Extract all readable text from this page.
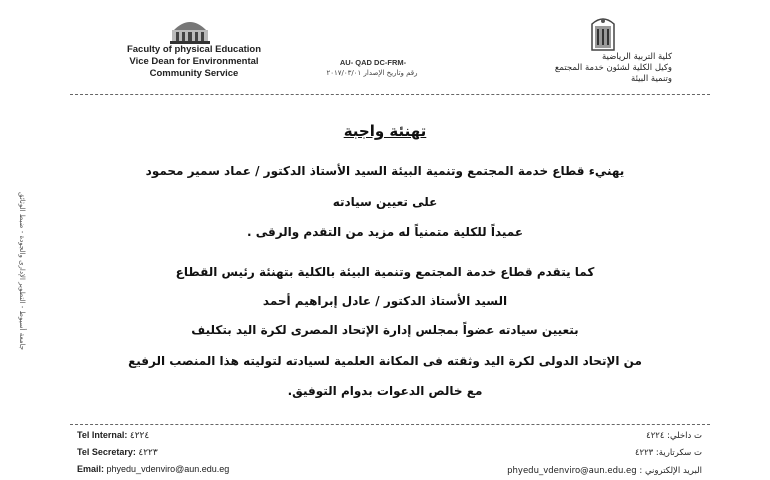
Faculty of physical Education
Vice Dean for Environmental
Community Service
AU- QAD DC-FRM-
رقم وتاريخ الإصدار ٢٠١٧/٠٣/٠١
كلية التربية الرياضية
وكيل الكلية لشئون خدمة المجتمع
وتنمية البيئة
تهنئة واجبة
يهنيء قطاع خدمة المجتمع وتنمية البيئة السيد الأستاذ الدكتور / عماد سمير محمود
على تعيين سيادته
عميداً للكلية متمنياً له مزيد من التقدم والرقى .
كما يتقدم قطاع خدمة المجتمع وتنمية البيئة بالكلية بتهنئة رئيس القطاع
السيد الأستاذ الدكتور / عادل إبراهيم أحمد
بتعيين سيادته عضواً بمجلس إدارة الإتحاد المصرى لكرة اليد بتكليف
من الإتحاد الدولى لكرة اليد وثقته فى المكانة العلمية لسيادته لتوليته هذا المنصب الرفيع
مع خالص الدعوات بدوام التوفيق.
جامعة أسيوط - التطوير الإدارى والجودة - ضبط الوثائق
Tel Internal: ٤٢٢٤
Tel Secretary: ٤٢٢٣
Email: phyedu_vdenviro@aun.edu.eg
ت داخلي: ٤٢٢٤
ت سكرتارية: ٤٢٢٣
البريد الإلكتروني : phyedu_vdenviro@aun.edu.eg
